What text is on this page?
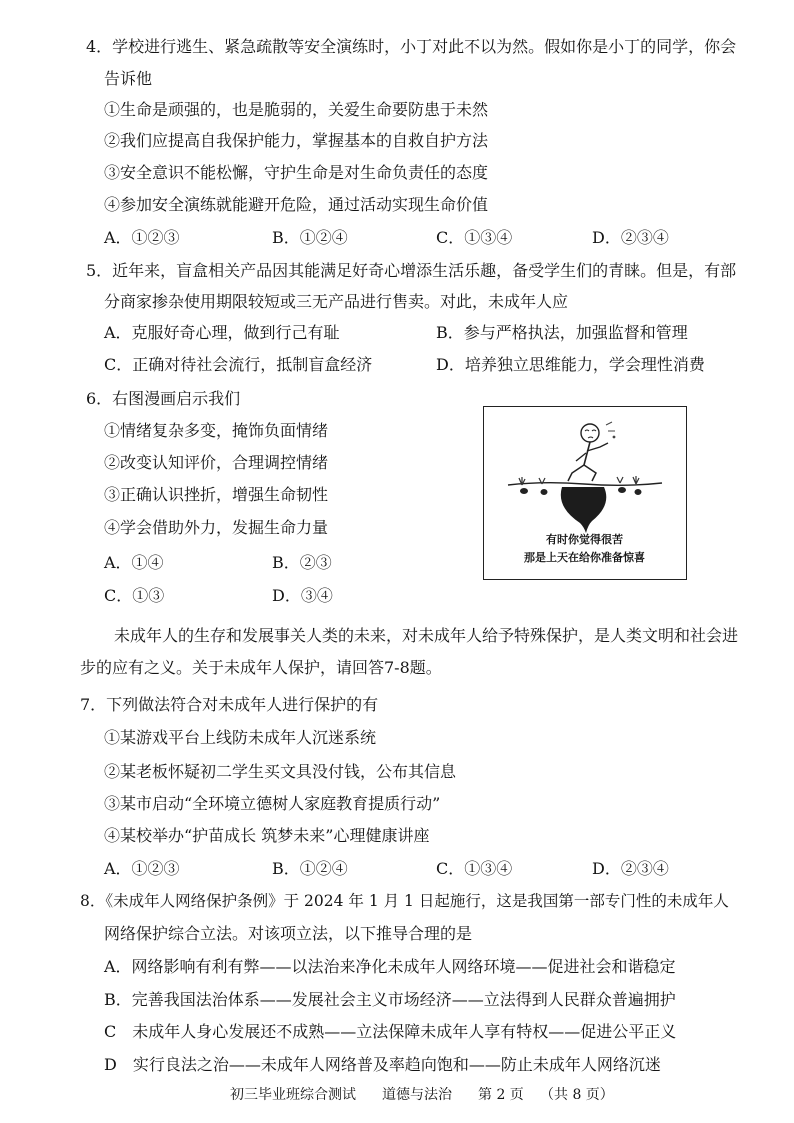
4．学校进行逃生、紧急疏散等安全演练时，小丁对此不以为然。假如你是小丁的同学，你会
告诉他
①生命是顽强的，也是脆弱的，关爱生命要防患于未然
②我们应提高自我保护能力，掌握基本的自救自护方法
③安全意识不能松懈，守护生命是对生命负责任的态度
④参加安全演练就能避开危险，通过活动实现生命价值
A．①②③	B．①②④	C．①③④	D．②③④
5．近年来，盲盒相关产品因其能满足好奇心增添生活乐趣，备受学生们的青睐。但是，有部
分商家掺杂使用期限较短或三无产品进行售卖。对此，未成年人应
A．克服好奇心理，做到行己有耻	B．参与严格执法，加强监督和管理
C．正确对待社会流行，抵制盲盒经济	D．培养独立思维能力，学会理性消费
6．右图漫画启示我们
①情绪复杂多变，掩饰负面情绪
②改变认知评价，合理调控情绪
③正确认识挫折，增强生命韧性
④学会借助外力，发掘生命力量
A．①④	B．②③
C．①③	D．③④
有时你觉得很苦
那是上天在给你准备惊喜
未成年人的生存和发展事关人类的未来，对未成年人给予特殊保护，是人类文明和社会进
步的应有之义。关于未成年人保护，请回答7-8题。
7．下列做法符合对未成年人进行保护的有
①某游戏平台上线防未成年人沉迷系统
②某老板怀疑初二学生买文具没付钱，公布其信息
③某市启动“全环境立德树人家庭教育提质行动”
④某校举办“护苗成长 筑梦未来”心理健康讲座
A．①②③	B．①②④	C．①③④	D．②③④
8．《未成年人网络保护条例》于 2024 年 1 月 1 日起施行，这是我国第一部专门性的未成年人
网络保护综合立法。对该项立法，以下推导合理的是
A．网络影响有利有弊——以法治来净化未成年人网络环境——促进社会和谐稳定
B．完善我国法治体系——发展社会主义市场经济——立法得到人民群众普遍拥护
C　未成年人身心发展还不成熟——立法保障未成年人享有特权——促进公平正义
D　实行良法之治——未成年人网络普及率趋向饱和——防止未成年人网络沉迷
初三毕业班综合测试 道德与法治 第 2 页 （共 8 页）
